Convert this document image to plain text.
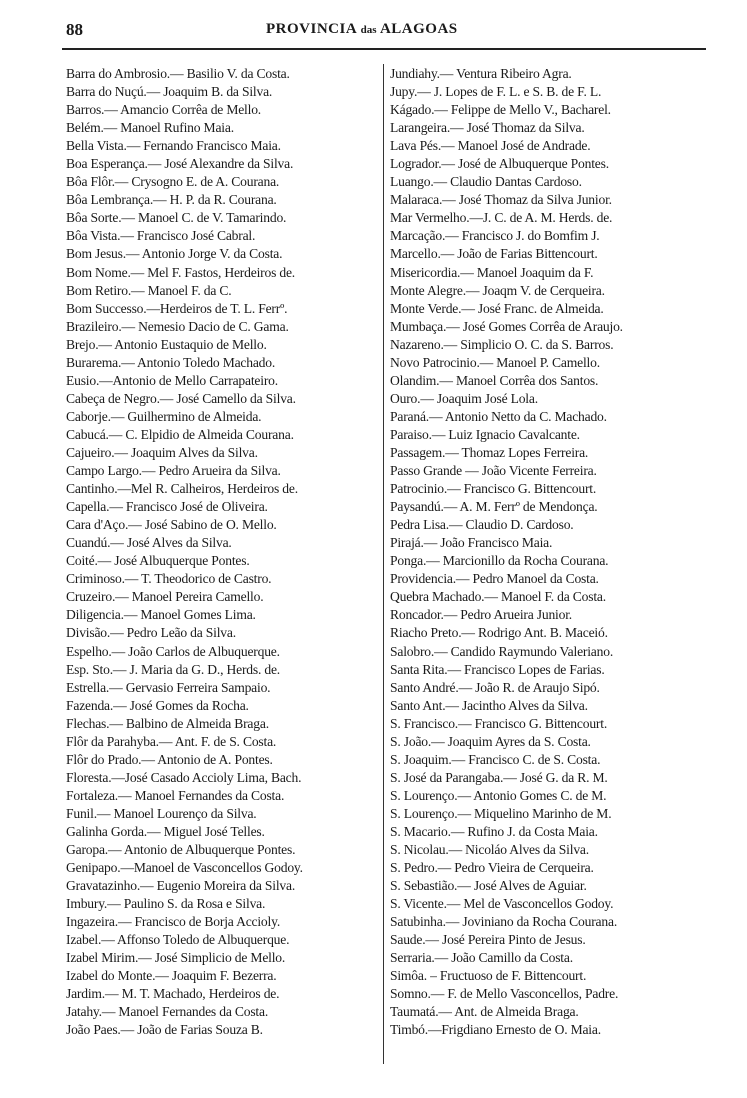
88	PROVINCIA das ALAGOAS
Barra do Ambrosio.— Basilio V. da Costa.
Barra do Nuçú.— Joaquim B. da Silva.
Barros.— Amancio Corrêa de Mello.
Belém.— Manoel Rufino Maia.
Bella Vista.— Fernando Francisco Maia.
Boa Esperança.— José Alexandre da Silva.
Bôa Flôr.— Crysogno E. de A. Courana.
Bôa Lembrança.— H. P. da R. Courana.
Bôa Sorte.— Manoel C. de V. Tamarindo.
Bôa Vista.— Francisco José Cabral.
Bom Jesus.— Antonio Jorge V. da Costa.
Bom Nome.— Mel F. Fastos, Herdeiros de.
Bom Retiro.— Manoel F. da C.
Bom Successo.—Herdeiros de T. L. Ferrº.
Brazileiro.— Nemesio Dacio de C. Gama.
Brejo.— Antonio Eustaquio de Mello.
Burarema.— Antonio Toledo Machado.
Eusio.—Antonio de Mello Carrapateiro.
Cabeça de Negro.— José Camello da Silva.
Caborje.— Guilhermino de Almeida.
Cabucá.— C. Elpidio de Almeida Courana.
Cajueiro.— Joaquim Alves da Silva.
Campo Largo.— Pedro Arueira da Silva.
Cantinho.—Mel R. Calheiros, Herdeiros de.
Capella.— Francisco José de Oliveira.
Cara d'Aço.— José Sabino de O. Mello.
Cuandú.— José Alves da Silva.
Coité.— José Albuquerque Pontes.
Criminoso.— T. Theodorico de Castro.
Cruzeiro.— Manoel Pereira Camello.
Diligencia.— Manoel Gomes Lima.
Divisão.— Pedro Leão da Silva.
Espelho.— João Carlos de Albuquerque.
Esp. Sto.— J. Maria da G. D., Herds. de.
Estrella.— Gervasio Ferreira Sampaio.
Fazenda.— José Gomes da Rocha.
Flechas.— Balbino de Almeida Braga.
Flôr da Parahyba.— Ant. F. de S. Costa.
Flôr do Prado.— Antonio de A. Pontes.
Floresta.—José Casado Accioly Lima, Bach.
Fortaleza.— Manoel Fernandes da Costa.
Funil.— Manoel Lourenço da Silva.
Galinha Gorda.— Miguel José Telles.
Garopa.— Antonio de Albuquerque Pontes.
Genipapo.—Manoel de Vasconcellos Godoy.
Gravatazinho.— Eugenio Moreira da Silva.
Imbury.— Paulino S. da Rosa e Silva.
Ingazeira.— Francisco de Borja Accioly.
Izabel.— Affonso Toledo de Albuquerque.
Izabel Mirim.— José Simplicio de Mello.
Izabel do Monte.— Joaquim F. Bezerra.
Jardim.— M. T. Machado, Herdeiros de.
Jatahy.— Manoel Fernandes da Costa.
João Paes.— João de Farias Souza B.
Jundiahy.— Ventura Ribeiro Agra.
Jupy.— J. Lopes de F. L. e S. B. de F. L.
Kágado.— Felippe de Mello V., Bacharel.
Larangeira.— José Thomaz da Silva.
Lava Pés.— Manoel José de Andrade.
Logrador.— José de Albuquerque Pontes.
Luango.— Claudio Dantas Cardoso.
Malaraca.— José Thomaz da Silva Junior.
Mar Vermelho.—J. C. de A. M. Herds. de.
Marcação.— Francisco J. do Bomfim J.
Marcello.— João de Farias Bittencourt.
Misericordia.— Manoel Joaquim da F.
Monte Alegre.— Joaqm V. de Cerqueira.
Monte Verde.— José Franc. de Almeida.
Mumbaça.— José Gomes Corrêa de Araujo.
Nazareno.— Simplicio O. C. da S. Barros.
Novo Patrocinio.— Manoel P. Camello.
Olandim.— Manoel Corrêa dos Santos.
Ouro.— Joaquim José Lola.
Paraná.— Antonio Netto da C. Machado.
Paraiso.— Luiz Ignacio Cavalcante.
Passagem.— Thomaz Lopes Ferreira.
Passo Grande — João Vicente Ferreira.
Patrocinio.— Francisco G. Bittencourt.
Paysandú.— A. M. Ferrº de Mendonça.
Pedra Lisa.— Claudio D. Cardoso.
Pirajá.— João Francisco Maia.
Ponga.— Marcionillo da Rocha Courana.
Providencia.— Pedro Manoel da Costa.
Quebra Machado.— Manoel F. da Costa.
Roncador.— Pedro Arueira Junior.
Riacho Preto.— Rodrigo Ant. B. Maceió.
Salobro.— Candido Raymundo Valeriano.
Santa Rita.— Francisco Lopes de Farias.
Santo André.— João R. de Araujo Sipó.
Santo Ant.— Jacintho Alves da Silva.
S. Francisco.— Francisco G. Bittencourt.
S. João.— Joaquim Ayres da S. Costa.
S. Joaquim.— Francisco C. de S. Costa.
S. José da Parangaba.— José G. da R. M.
S. Lourenço.— Antonio Gomes C. de M.
S. Lourenço.— Miquelino Marinho de M.
S. Macario.— Rufino J. da Costa Maia.
S. Nicolau.— Nicoláo Alves da Silva.
S. Pedro.— Pedro Vieira de Cerqueira.
S. Sebastião.— José Alves de Aguiar.
S. Vicente.— Mel de Vasconcellos Godoy.
Satubinha.— Joviniano da Rocha Courana.
Saude.— José Pereira Pinto de Jesus.
Serraria.— João Camillo da Costa.
Simôa. – Fructuoso de F. Bittencourt.
Somno.— F. de Mello Vasconcellos, Padre.
Taumatá.— Ant. de Almeida Braga.
Timbó.—Frigdiano Ernesto de O. Maia.
